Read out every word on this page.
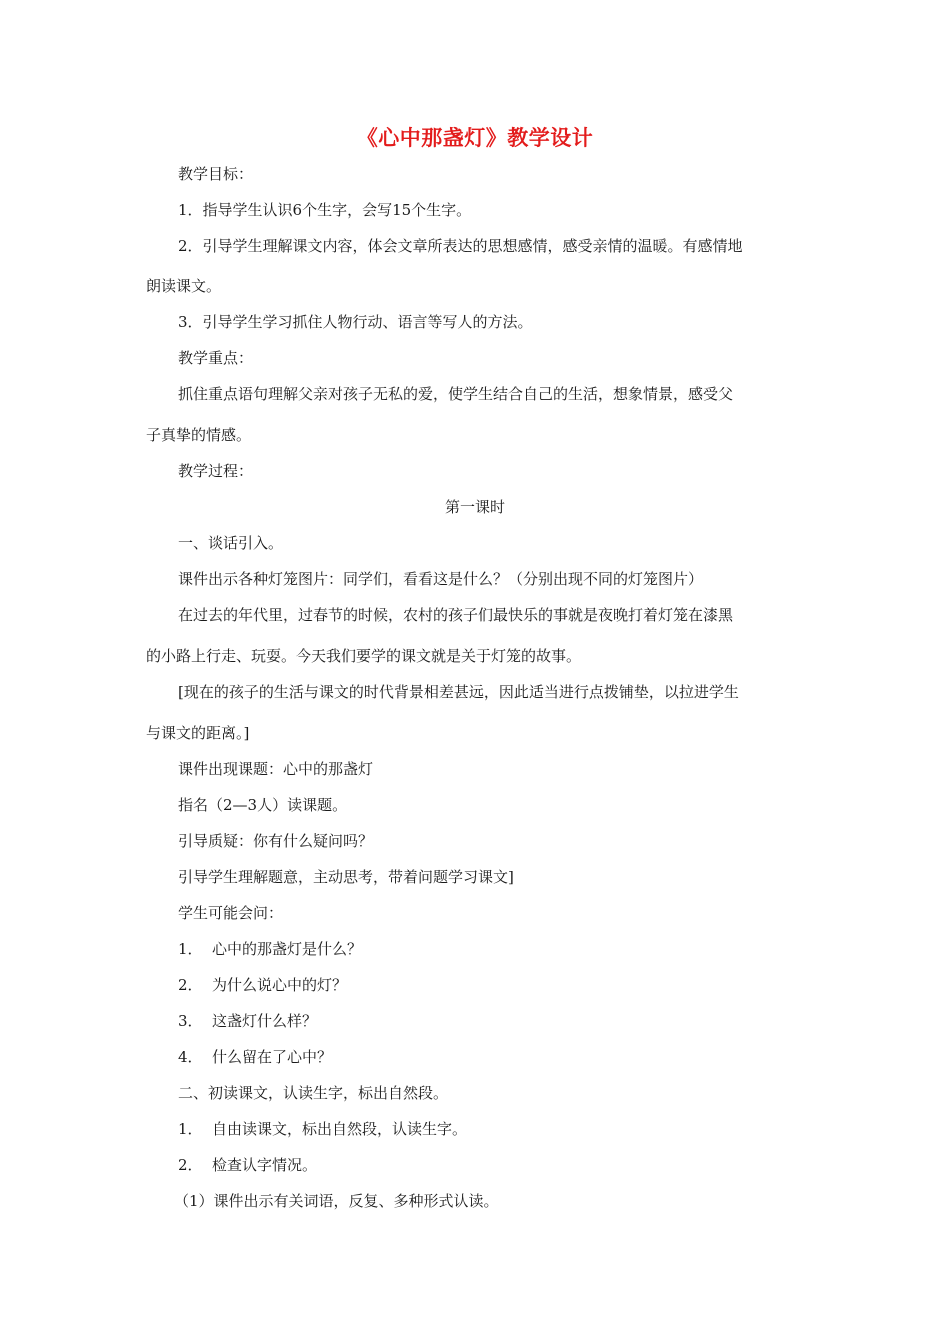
《心中那盏灯》教学设计
教学目标：
1．指导学生认识6个生字，会写15个生字。
2．引导学生理解课文内容，体会文章所表达的思想感情，感受亲情的温暖。有感情地
朗读课文。
3．引导学生学习抓住人物行动、语言等写人的方法。
教学重点：
抓住重点语句理解父亲对孩子无私的爱，使学生结合自己的生活，想象情景，感受父
子真挚的情感。
教学过程：
第一课时
一、谈话引入。
课件出示各种灯笼图片：同学们，看看这是什么？（分别出现不同的灯笼图片）
在过去的年代里，过春节的时候，农村的孩子们最快乐的事就是夜晚打着灯笼在漆黑
的小路上行走、玩耍。今天我们要学的课文就是关于灯笼的故事。
[现在的孩子的生活与课文的时代背景相差甚远，因此适当进行点拨铺垫，以拉进学生
与课文的距离。]
课件出现课题：心中的那盏灯
指名（2—3人）读课题。
引导质疑：你有什么疑问吗？
引导学生理解题意，主动思考，带着问题学习课文]
学生可能会问：
1． 心中的那盏灯是什么？
2． 为什么说心中的灯？
3． 这盏灯什么样？
4． 什么留在了心中？
二、初读课文，认读生字，标出自然段。
1． 自由读课文，标出自然段，认读生字。
2． 检查认字情况。
（1）课件出示有关词语，反复、多种形式认读。
